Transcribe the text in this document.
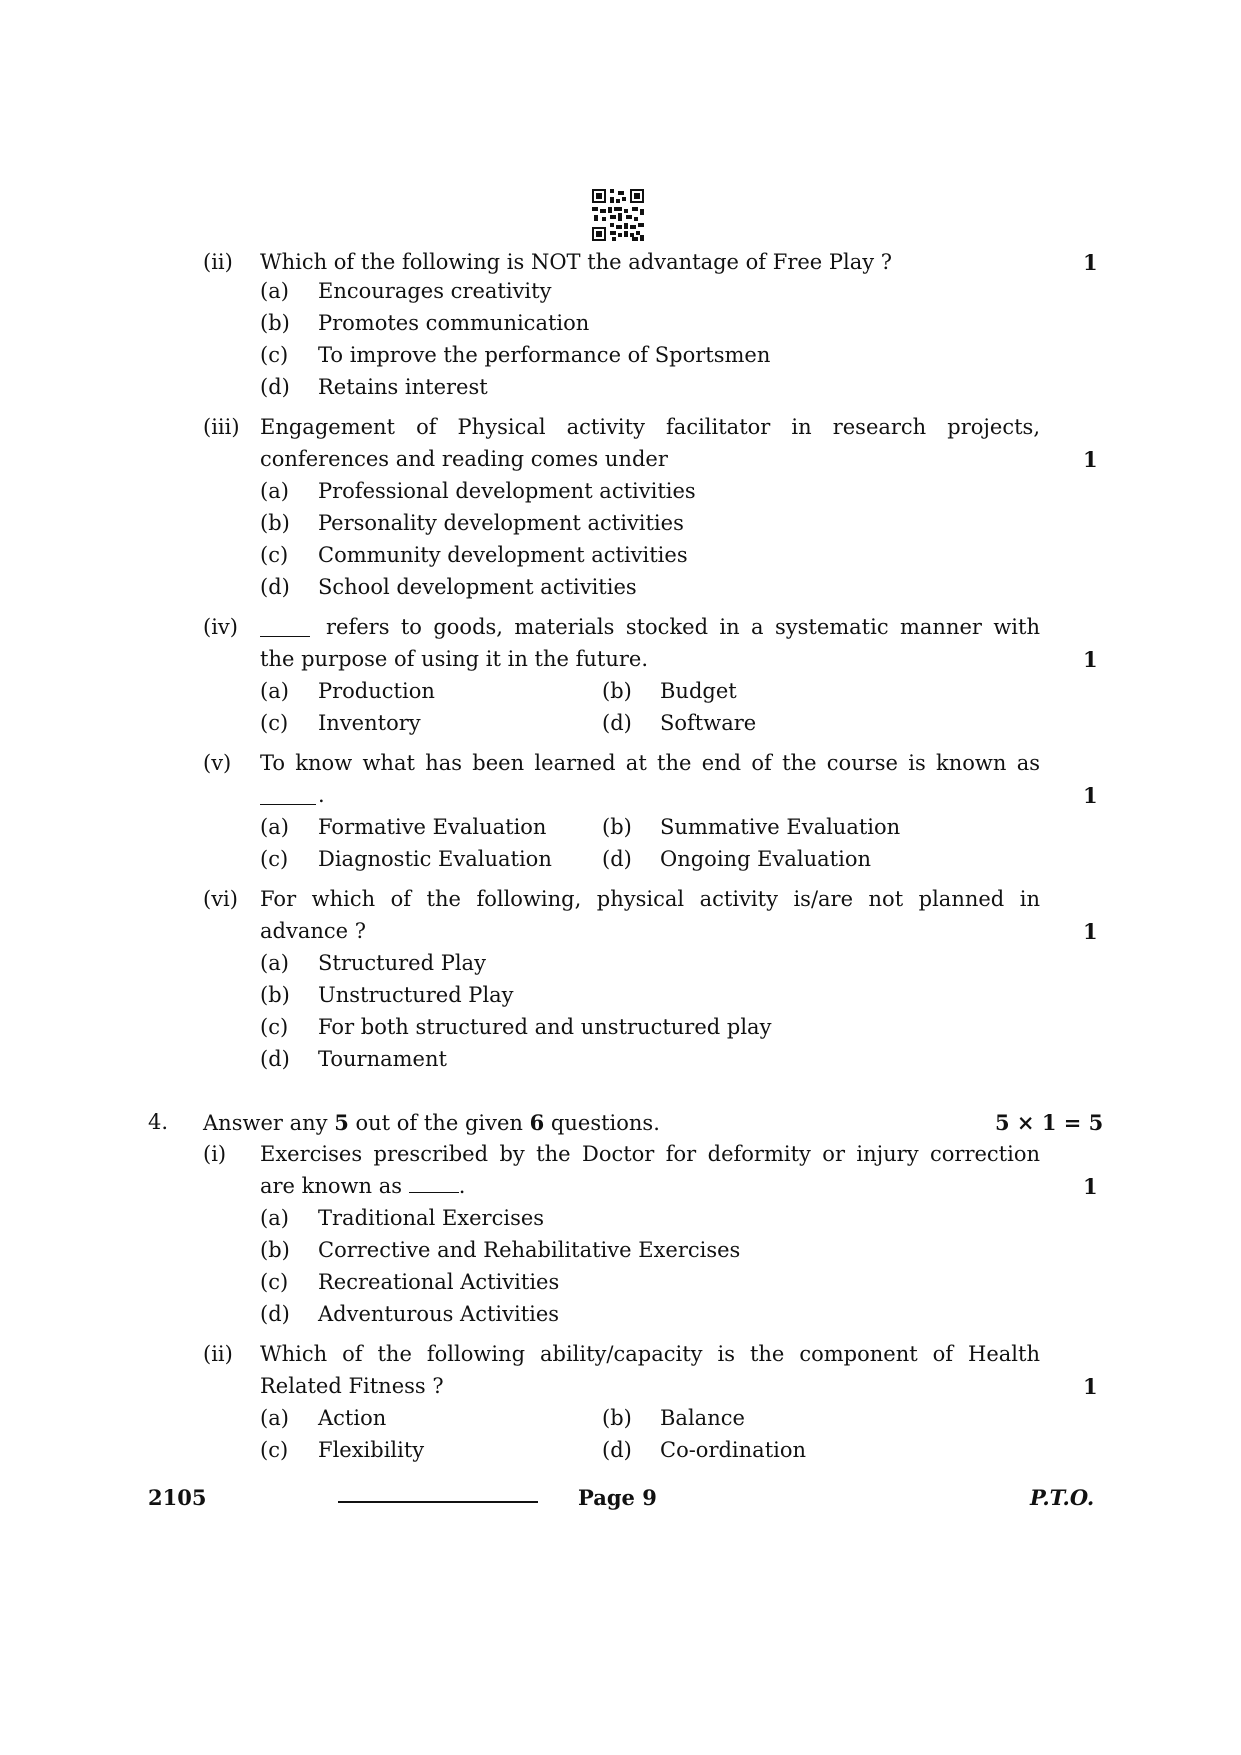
(ii) Which of the following is NOT the advantage of Free Play ?	1
(a) Encourages creativity
(b) Promotes communication
(c) To improve the performance of Sportsmen
(d) Retains interest
(iii) Engagement of Physical activity facilitator in research projects,
conferences and reading comes under	1
(a) Professional development activities
(b) Personality development activities
(c) Community development activities
(d) School development activities
(iv)	refers to goods, materials stocked in a systematic manner with
the purpose of using it in the future.	1
(a) Production	(b) Budget
(c) Inventory	(d) Software
(v) To know what has been learned at the end of the course is known as
.	1
(a) Formative Evaluation	(b) Summative Evaluation
(c) Diagnostic Evaluation (d) Ongoing Evaluation
(vi) For which of the following, physical activity is/are not planned in
advance ?	1
(a) Structured Play
(b) Unstructured Play
(c) For both structured and unstructured play
(d) Tournament
4. Answer any 5 out of the given 6 questions.	5 × 1 = 5
(i) Exercises prescribed by the Doctor for deformity or injury correction
are known as	.	1
(a) Traditional Exercises
(b) Corrective and Rehabilitative Exercises
(c) Recreational Activities
(d) Adventurous Activities
(ii) Which of the following ability/capacity is the component of Health
Related Fitness ?	1
(a) Action	(b) Balance
(c) Flexibility	(d) Co-ordination
2105	Page 9	P.T.O.
